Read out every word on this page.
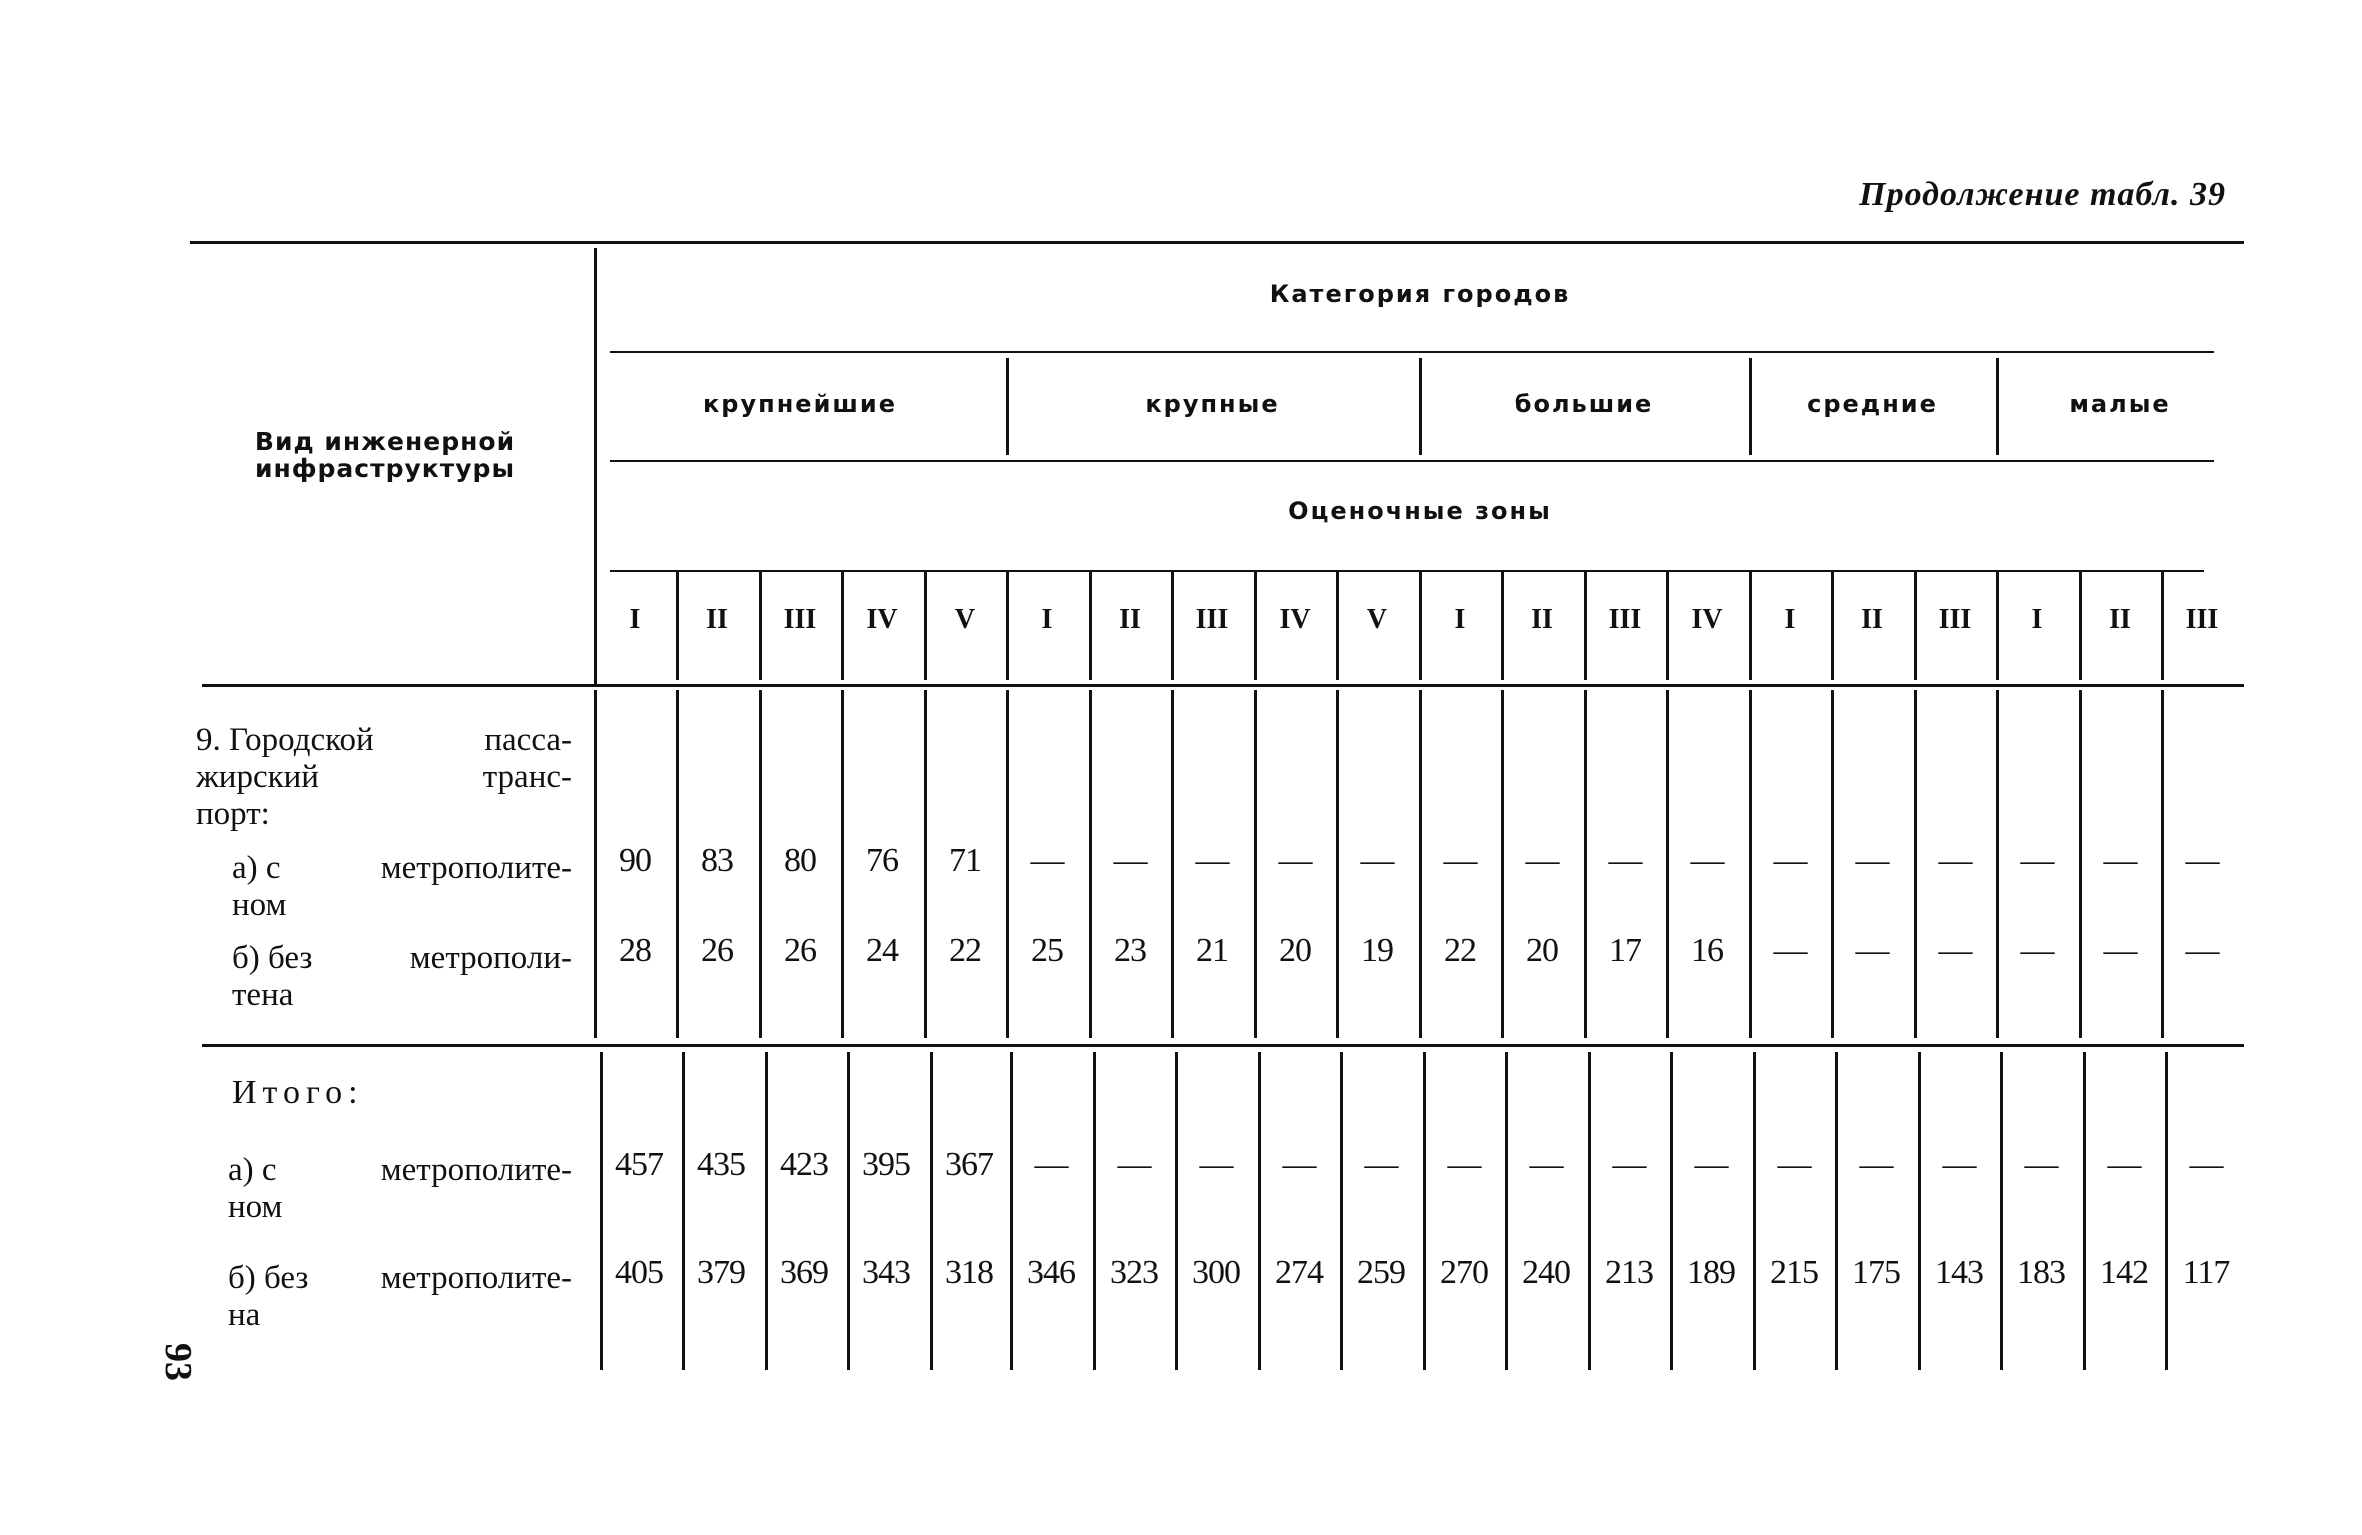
Продолжение табл. 39
Категория городов
крупнейшие	крупные	большие	средние	малые
Оценочные зоны
Вид инженерной
инфраструктуры
I	II	III	IV	V	I	II	III	IV	V	I	II	III	IV	I	II	III	I	II	III
9. Городской	пасса-
жирский	транс-
порт:
а) с	метрополите-
ном
90	83	80	76	71	—	—	—	—	—	—	—	—	—	—	—	—	—	—	—
б) без	метрополи-
тена
28	26	26	24	22	25	23	21	20	19	22	20	17	16	—	—	—	—	—	—
Итого:
а) с	метрополите-
ном
457	435	423	395	367	—	—	—	—	—	—	—	—	—	—	—	—	—	—	—
б) без метрополите-
на
405	379	369	343	318	346	323	300	274	259	270	240	213	189	215	175	143	183	142	117
93
